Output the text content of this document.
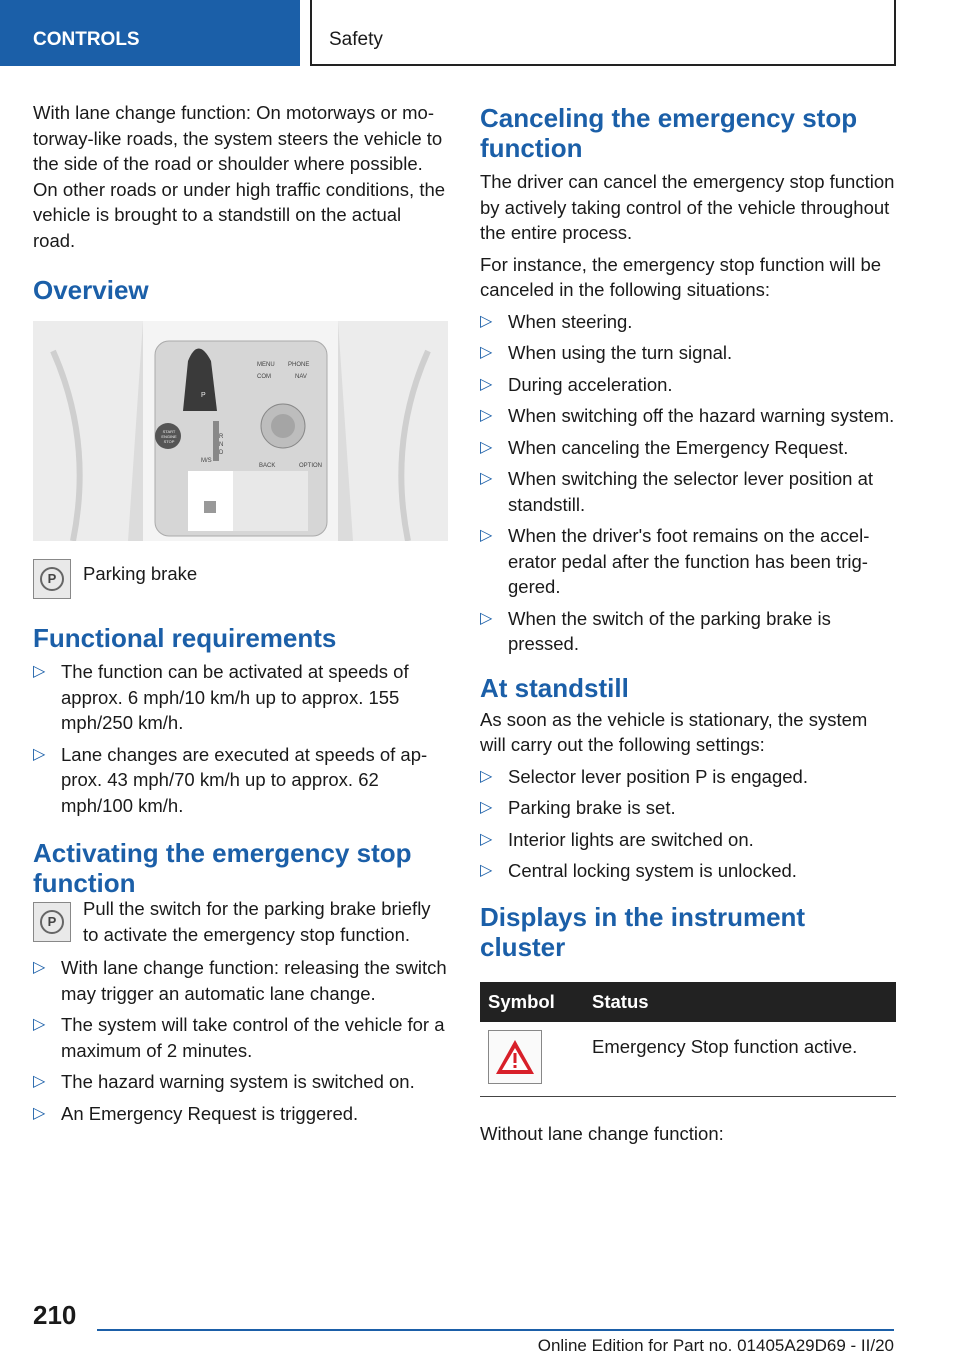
CONTROLS	Safety

With lane change function: On motorways or motorway-like roads, the system steers the vehicle to the side of the road or shoulder where possible. On other roads or under high traffic conditions, the vehicle is brought to a standstill on the actual road.

Overview
P
R
N
D
M/S
MENU PHONE
COM	NAV
BACK	OPTION
START ENGINE STOP
P	Parking brake
Functional requirements
▷ The function can be activated at speeds of approx. 6 mph/10 km/h up to approx. 155 mph/250 km/h.
▷ Lane changes are executed at speeds of approx. 43 mph/70 km/h up to approx. 62 mph/100 km/h.
Activating the emergency stop function
P
Pull the switch for the parking brake briefly to activate the emergency stop function.
▷ With lane change function: releasing the switch may trigger an automatic lane change.
▷ The system will take control of the vehicle for a maximum of 2 minutes.
▷ The hazard warning system is switched on.
▷ An Emergency Request is triggered.
Canceling the emergency stop function

The driver can cancel the emergency stop function by actively taking control of the vehicle throughout the entire process.

For instance, the emergency stop function will be canceled in the following situations:

▷ When steering.
▷ When using the turn signal.
▷ During acceleration.
▷ When switching off the hazard warning system.
▷ When canceling the Emergency Request.
▷ When switching the selector lever position at standstill.
▷ When the driver's foot remains on the accelerator pedal after the function has been triggered.
▷ When the switch of the parking brake is pressed.
At standstill

As soon as the vehicle is stationary, the system will carry out the following settings:

▷ Selector lever position P is engaged.
▷ Parking brake is set.
▷ Interior lights are switched on.
▷ Central locking system is unlocked.
Displays in the instrument cluster
Symbol	Status

	Emergency Stop function active.

Without lane change function:

210
Online Edition for Part no. 01405A29D69 - II/20
